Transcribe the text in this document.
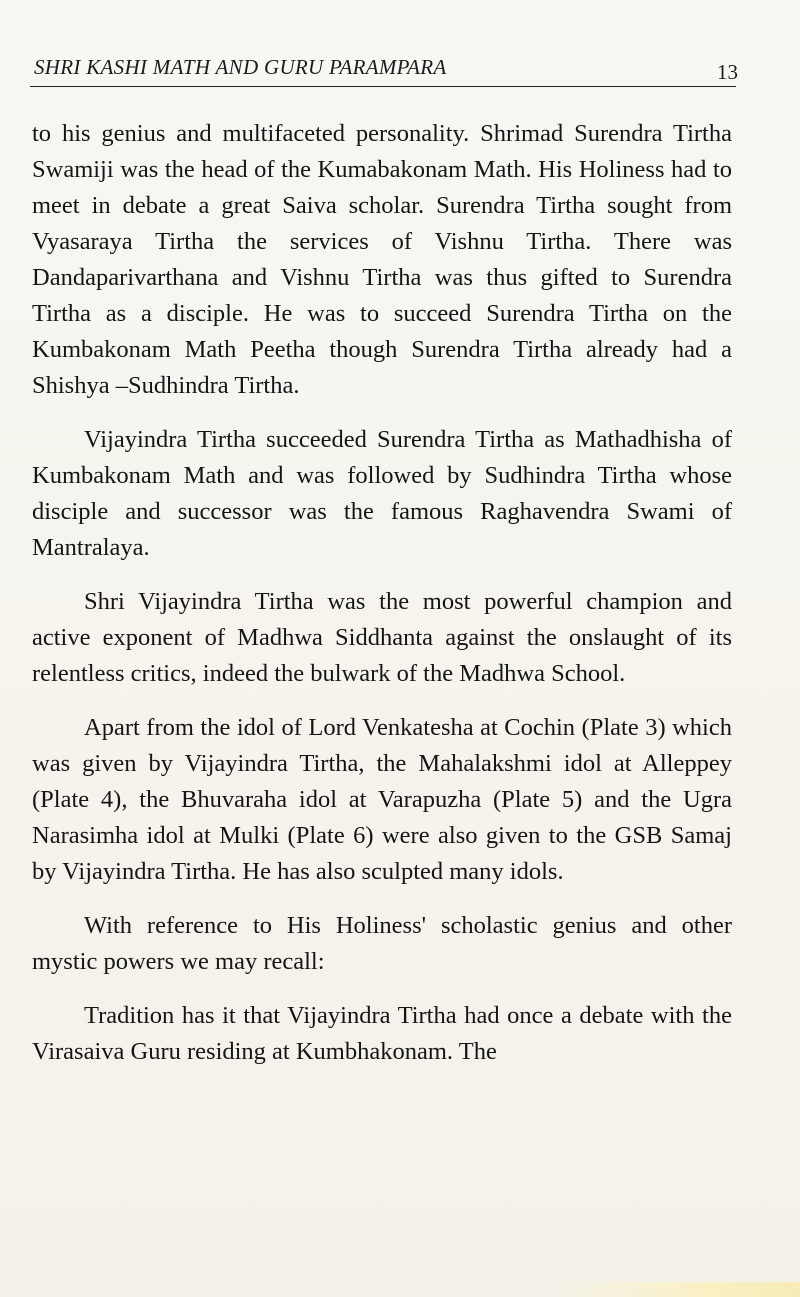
SHRI KASHI MATH AND GURU PARAMPARA	13

to his genius and multifaceted personality. Shrimad Surendra Tirtha Swamiji was the head of the Kumabakonam Math. His Holiness had to meet in debate a great Saiva scholar. Surendra Tirtha sought from Vyasaraya Tirtha the services of Vishnu Tirtha. There was Dandaparivarthana and Vishnu Tirtha was thus gifted to Surendra Tirtha as a disciple. He was to succeed Surendra Tirtha on the Kumbakonam Math Peetha though Surendra Tirtha already had a Shishya –Sudhindra Tirtha.

Vijayindra Tirtha succeeded Surendra Tirtha as Mathadhisha of Kumbakonam Math and was followed by Sudhindra Tirtha whose disciple and successor was the famous Raghavendra Swami of Mantralaya.

Shri Vijayindra Tirtha was the most powerful champion and active exponent of Madhwa Siddhanta against the onslaught of its relentless critics, indeed the bulwark of the Madhwa School.

Apart from the idol of Lord Venkatesha at Cochin (Plate 3) which was given by Vijayindra Tirtha, the Mahalakshmi idol at Alleppey (Plate 4), the Bhuvaraha idol at Varapuzha (Plate 5) and the Ugra Narasimha idol at Mulki (Plate 6) were also given to the GSB Samaj by Vijayindra Tirtha. He has also sculpted many idols.

With reference to His Holiness' scholastic genius and other mystic powers we may recall:

Tradition has it that Vijayindra Tirtha had once a debate with the Virasaiva Guru residing at Kumbhakonam. The
